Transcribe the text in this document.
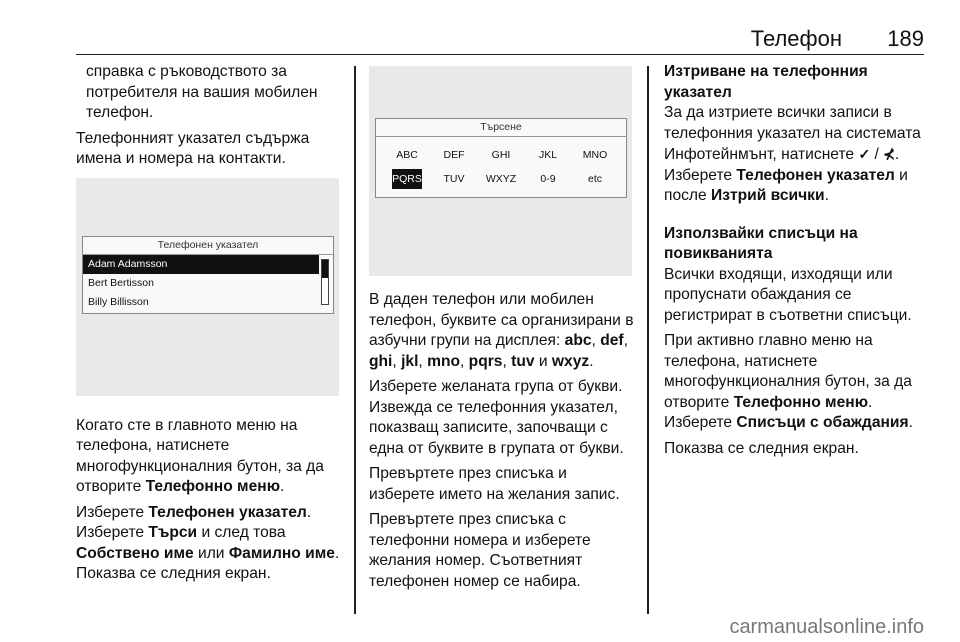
Телефон 189

справка с ръководството за потребителя на вашия мобилен телефон.

Телефонният указател съдържа имена и номера на контакти.

Телефонен указател
Adam Adamsson
Bert Bertisson
Billy Billisson

Когато сте в главното меню на телефона, натиснете многофункционалния бутон, за да отворите Телефонно меню.

Изберете Телефонен указател. Изберете Търси и след това Собствено име или Фамилно име. Показва се следния екран.

Търсене
ABC	DEF	GHI	JKL	MNO
PQRS	TUV	WXYZ	0-9	etc

В даден телефон или мобилен телефон, буквите са организирани в азбучни групи на дисплея: abc, def, ghi, jkl, mno, pqrs, tuv и wxyz.

Изберете желаната група от букви. Извежда се телефонния указател, показващ записите, започващи с една от буквите в групата от букви.

Превъртете през списъка и изберете името на желания запис.

Превъртете през списъка с телефонни номера и изберете желания номер. Съответният телефонен номер се набира.

Изтриване на телефонния указател

За да изтриете всички записи в телефонния указател на системата Инфотейнмънт, натиснете ✓ / ⊀.
Изберете Телефонен указател и после Изтрий всички.

Използвайки списъци на повикванията

Всички входящи, изходящи или пропуснати обаждания се регистрират в съответни списъци.

При активно главно меню на телефона, натиснете многофункционалния бутон, за да отворите Телефонно меню.
Изберете Списъци с обаждания.

Показва се следния екран.

carmanualsonline.info
